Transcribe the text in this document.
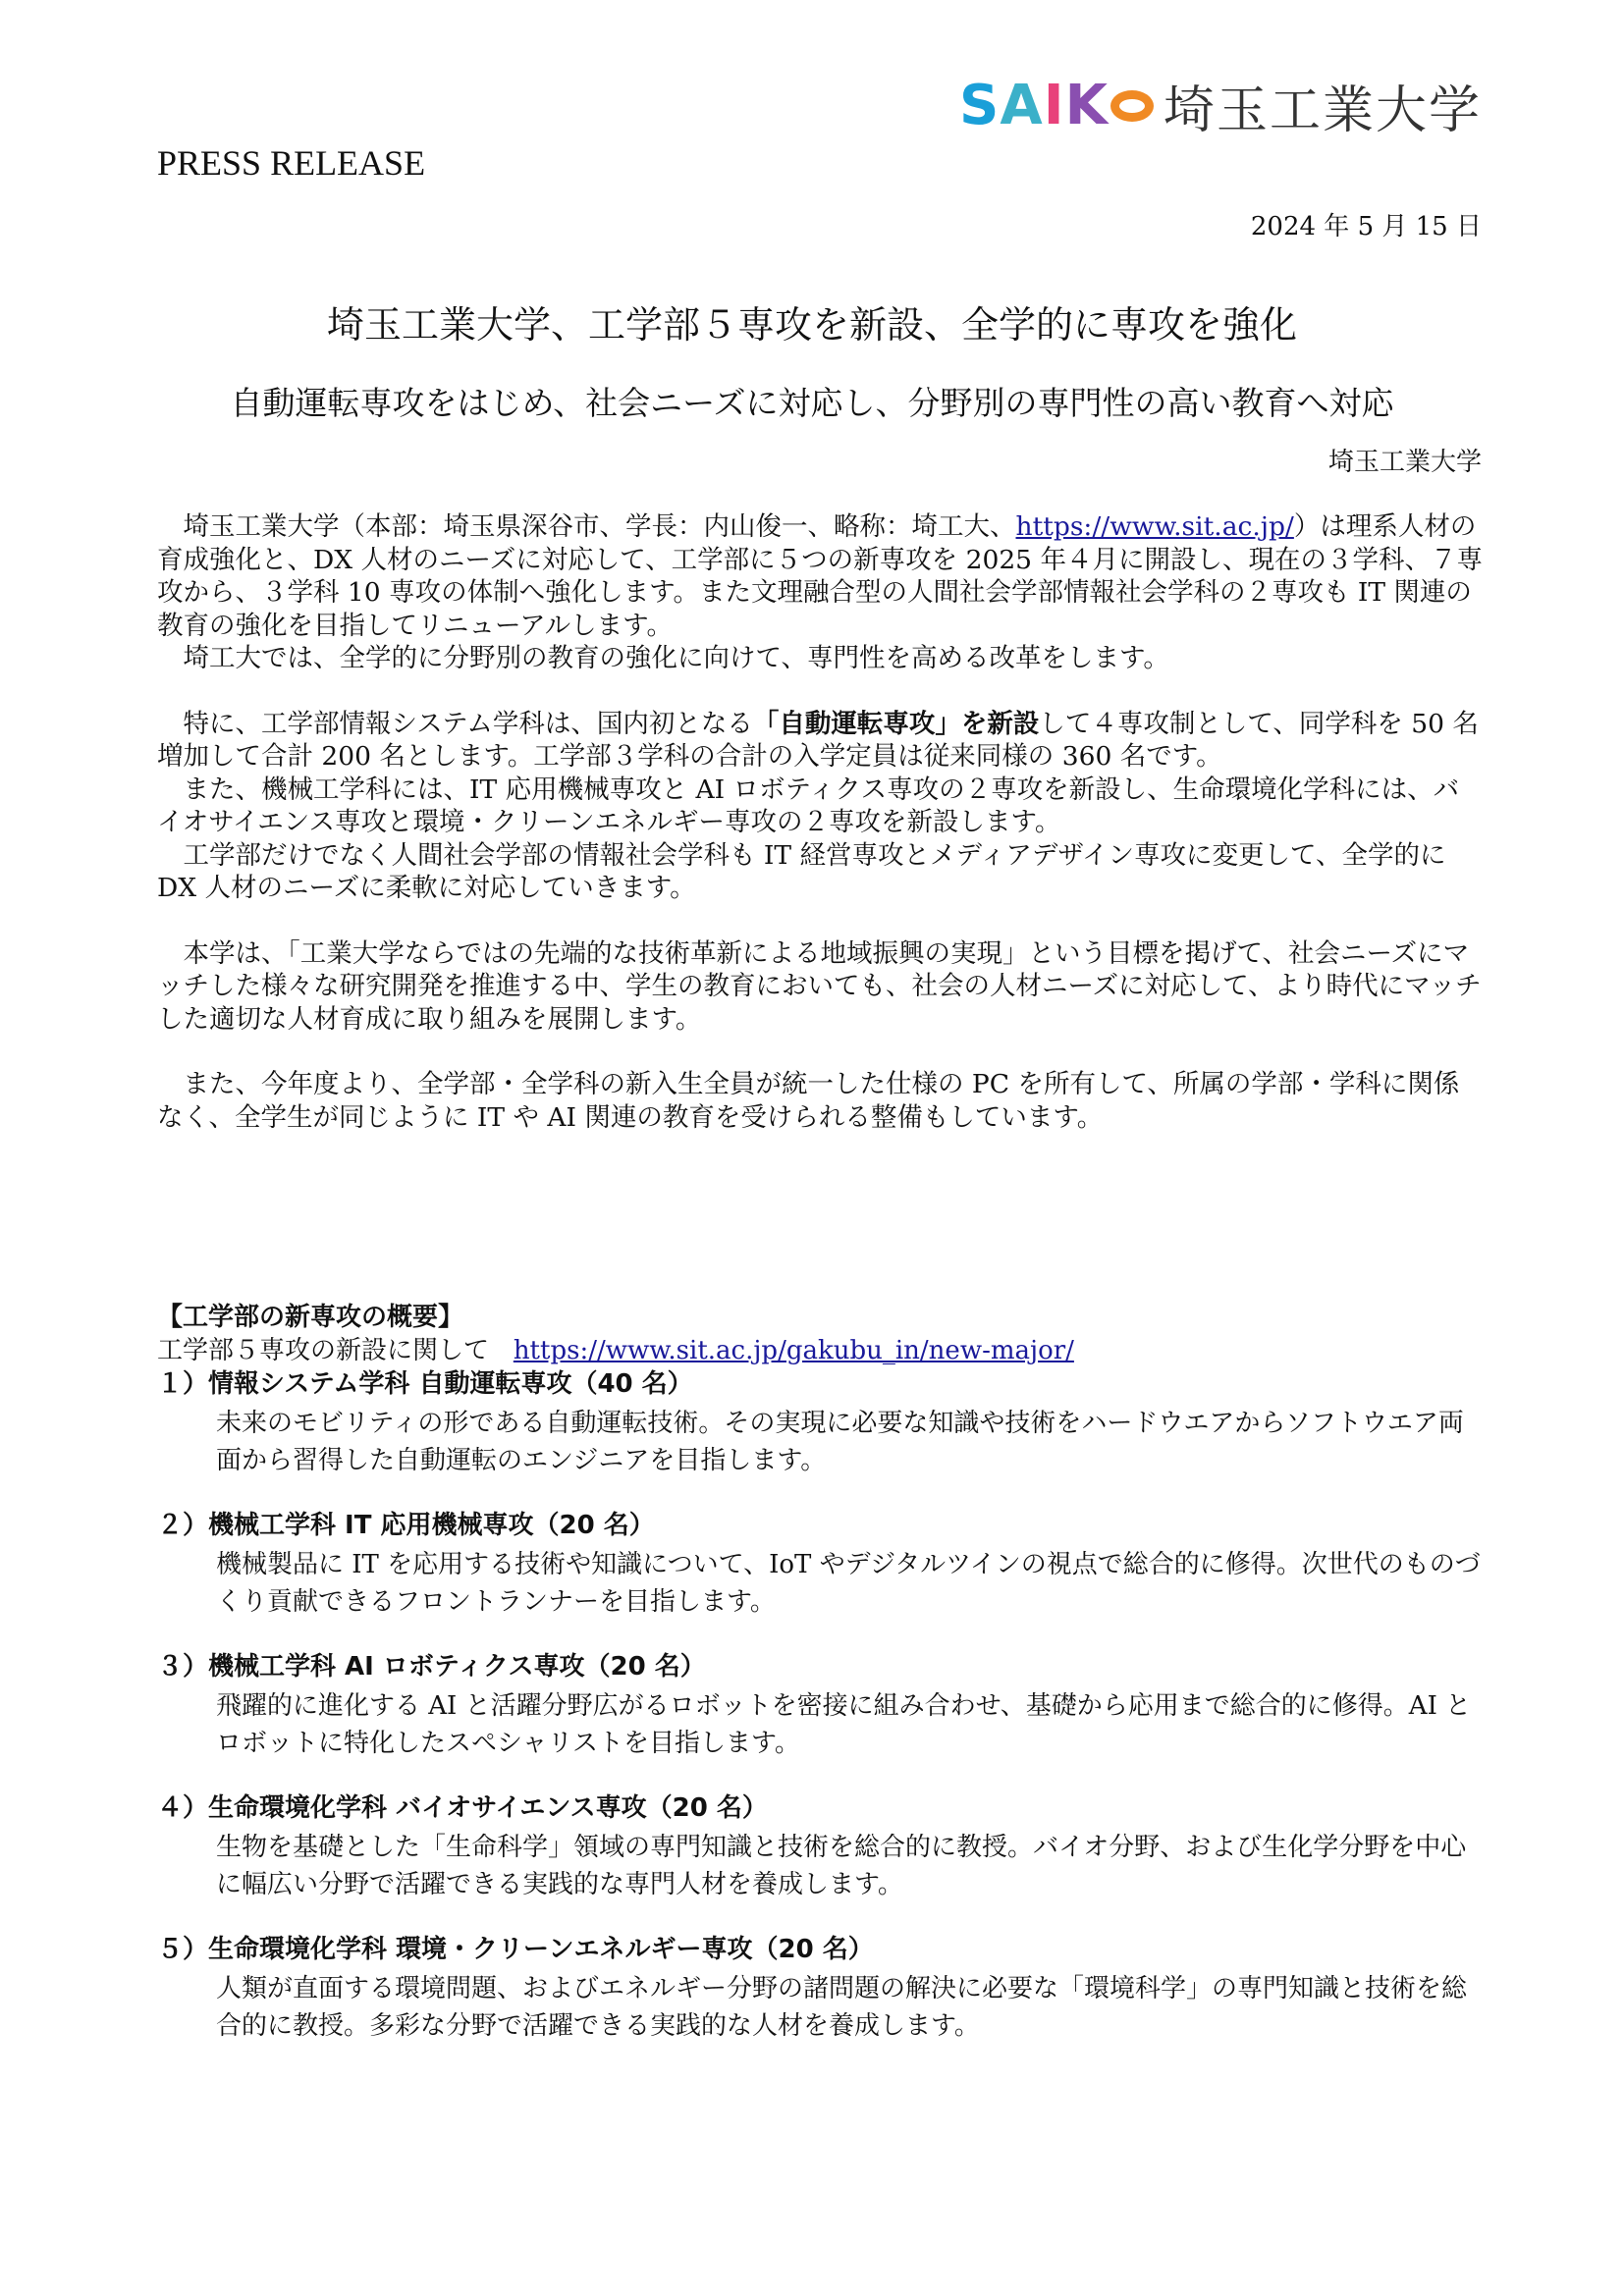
S A I K 埼玉工業大学
PRESS RELEASE
2024 年 5 月 15 日
埼玉工業大学、工学部５専攻を新設、全学的に専攻を強化
自動運転専攻をはじめ、社会ニーズに対応し、分野別の専門性の高い教育へ対応
埼玉工業大学

埼玉工業大学（本部：埼玉県深谷市、学長：内山俊一、略称：埼工大、https://www.sit.ac.jp/）は理系人材の育成強化と、DX 人材のニーズに対応して、工学部に５つの新専攻を 2025 年４月に開設し、現在の３学科、７専攻から、３学科 10 専攻の体制へ強化します。また文理融合型の人間社会学部情報社会学科の２専攻も IT 関連の教育の強化を目指してリニューアルします。

埼工大では、全学的に分野別の教育の強化に向けて、専門性を高める改革をします。

特に、工学部情報システム学科は、国内初となる「自動運転専攻」を新設して４専攻制として、同学科を 50 名増加して合計 200 名とします。工学部３学科の合計の入学定員は従来同様の 360 名です。

また、機械工学科には、IT 応用機械専攻と AI ロボティクス専攻の２専攻を新設し、生命環境化学科には、バイオサイエンス専攻と環境・クリーンエネルギー専攻の２専攻を新設します。

工学部だけでなく人間社会学部の情報社会学科も IT 経営専攻とメディアデザイン専攻に変更して、全学的に DX 人材のニーズに柔軟に対応していきます。

本学は、「工業大学ならではの先端的な技術革新による地域振興の実現」という目標を掲げて、社会ニーズにマッチした様々な研究開発を推進する中、学生の教育においても、社会の人材ニーズに対応して、より時代にマッチした適切な人材育成に取り組みを展開します。

また、今年度より、全学部・全学科の新入生全員が統一した仕様の PC を所有して、所属の学部・学科に関係なく、全学生が同じように IT や AI 関連の教育を受けられる整備もしています。

【工学部の新専攻の概要】
工学部５専攻の新設に関して https://www.sit.ac.jp/gakubu_in/new-major/
１）情報システム学科 自動運転専攻（40 名）
未来のモビリティの形である自動運転技術。その実現に必要な知識や技術をハードウエアからソフトウエア両面から習得した自動運転のエンジニアを目指します。
２）機械工学科 IT 応用機械専攻（20 名）
機械製品に IT を応用する技術や知識について、IoT やデジタルツインの視点で総合的に修得。次世代のものづくり貢献できるフロントランナーを目指します。
３）機械工学科 AI ロボティクス専攻（20 名）
飛躍的に進化する AI と活躍分野広がるロボットを密接に組み合わせ、基礎から応用まで総合的に修得。AI とロボットに特化したスペシャリストを目指します。
４）生命環境化学科 バイオサイエンス専攻（20 名）
生物を基礎とした「生命科学」領域の専門知識と技術を総合的に教授。バイオ分野、および生化学分野を中心に幅広い分野で活躍できる実践的な専門人材を養成します。
５）生命環境化学科 環境・クリーンエネルギー専攻（20 名）
人類が直面する環境問題、およびエネルギー分野の諸問題の解決に必要な「環境科学」の専門知識と技術を総合的に教授。多彩な分野で活躍できる実践的な人材を養成します。
